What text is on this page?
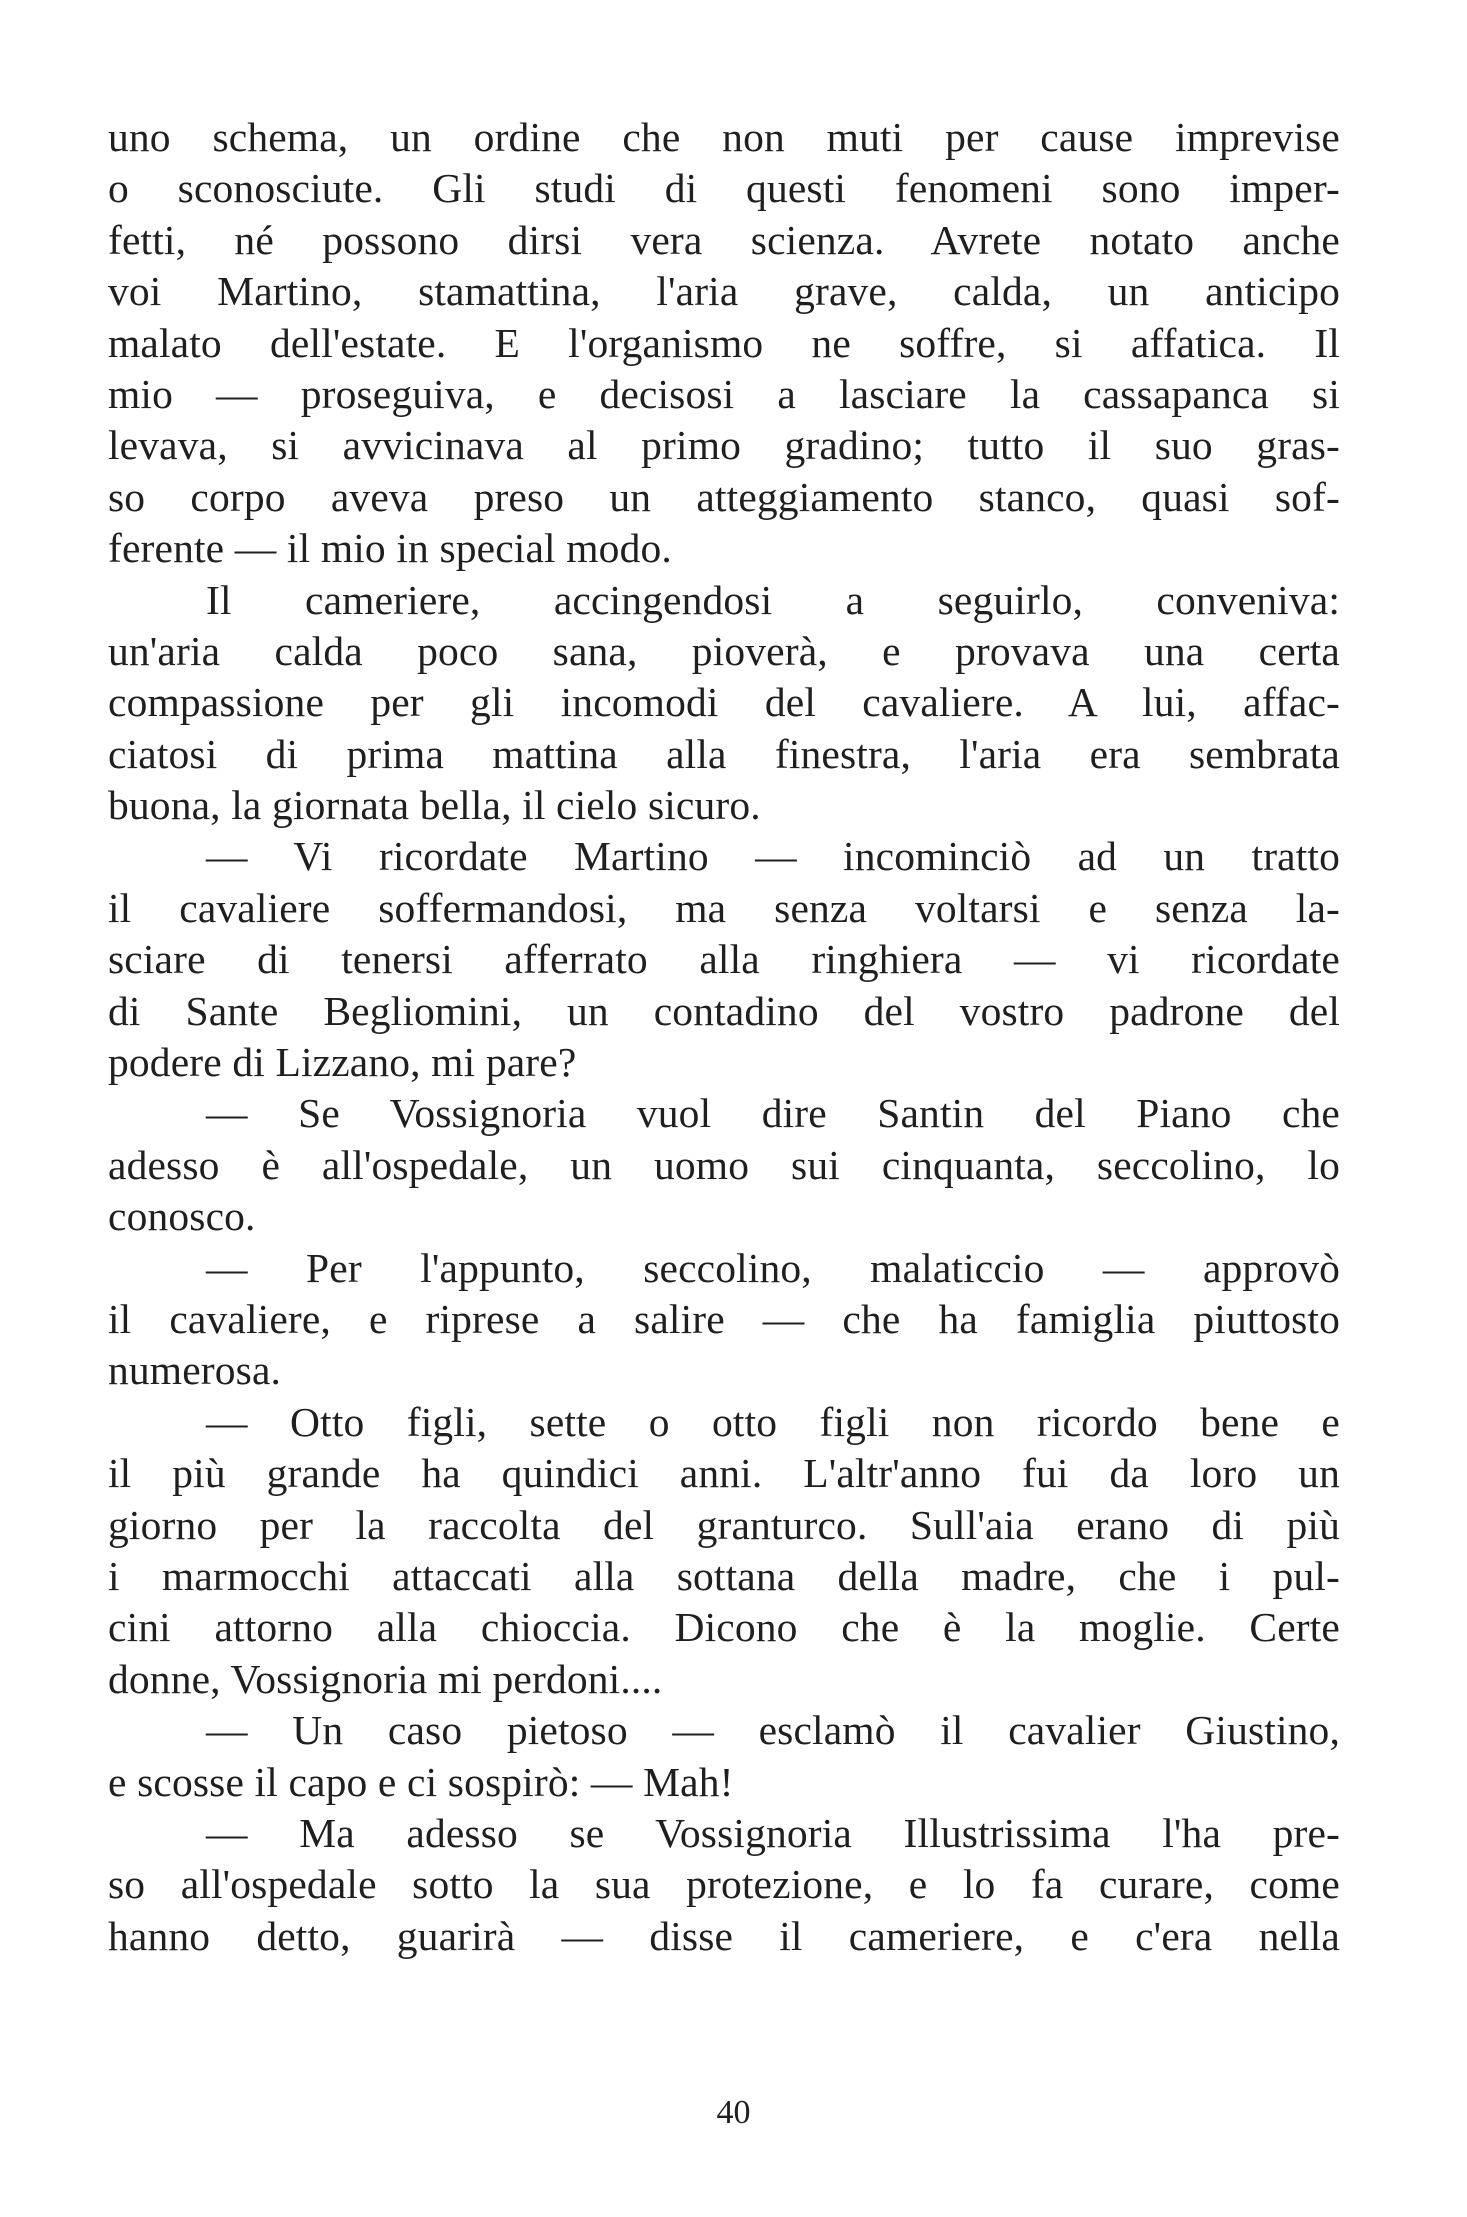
uno schema, un ordine che non muti per cause imprevise
o sconosciute. Gli studi di questi fenomeni sono imper-
fetti, né possono dirsi vera scienza. Avrete notato anche
voi Martino, stamattina, l'aria grave, calda, un anticipo
malato dell'estate. E l'organismo ne soffre, si affatica. Il
mio — proseguiva, e decisosi a lasciare la cassapanca si
levava, si avvicinava al primo gradino; tutto il suo gras-
so corpo aveva preso un atteggiamento stanco, quasi sof-
ferente — il mio in special modo.
Il cameriere, accingendosi a seguirlo, conveniva:
un'aria calda poco sana, pioverà, e provava una certa
compassione per gli incomodi del cavaliere. A lui, affac-
ciatosi di prima mattina alla finestra, l'aria era sembrata
buona, la giornata bella, il cielo sicuro.
— Vi ricordate Martino — incominciò ad un tratto
il cavaliere soffermandosi, ma senza voltarsi e senza la-
sciare di tenersi afferrato alla ringhiera — vi ricordate
di Sante Begliomini, un contadino del vostro padrone del
podere di Lizzano, mi pare?
— Se Vossignoria vuol dire Santin del Piano che
adesso è all'ospedale, un uomo sui cinquanta, seccolino, lo
conosco.
— Per l'appunto, seccolino, malaticcio — approvò
il cavaliere, e riprese a salire — che ha famiglia piuttosto
numerosa.
— Otto figli, sette o otto figli non ricordo bene e
il più grande ha quindici anni. L'altr'anno fui da loro un
giorno per la raccolta del granturco. Sull'aia erano di più
i marmocchi attaccati alla sottana della madre, che i pul-
cini attorno alla chioccia. Dicono che è la moglie. Certe
donne, Vossignoria mi perdoni....
— Un caso pietoso — esclamò il cavalier Giustino,
e scosse il capo e ci sospirò: — Mah!
— Ma adesso se Vossignoria Illustrissima l'ha pre-
so all'ospedale sotto la sua protezione, e lo fa curare, come
hanno detto, guarirà — disse il cameriere, e c'era nella
40
